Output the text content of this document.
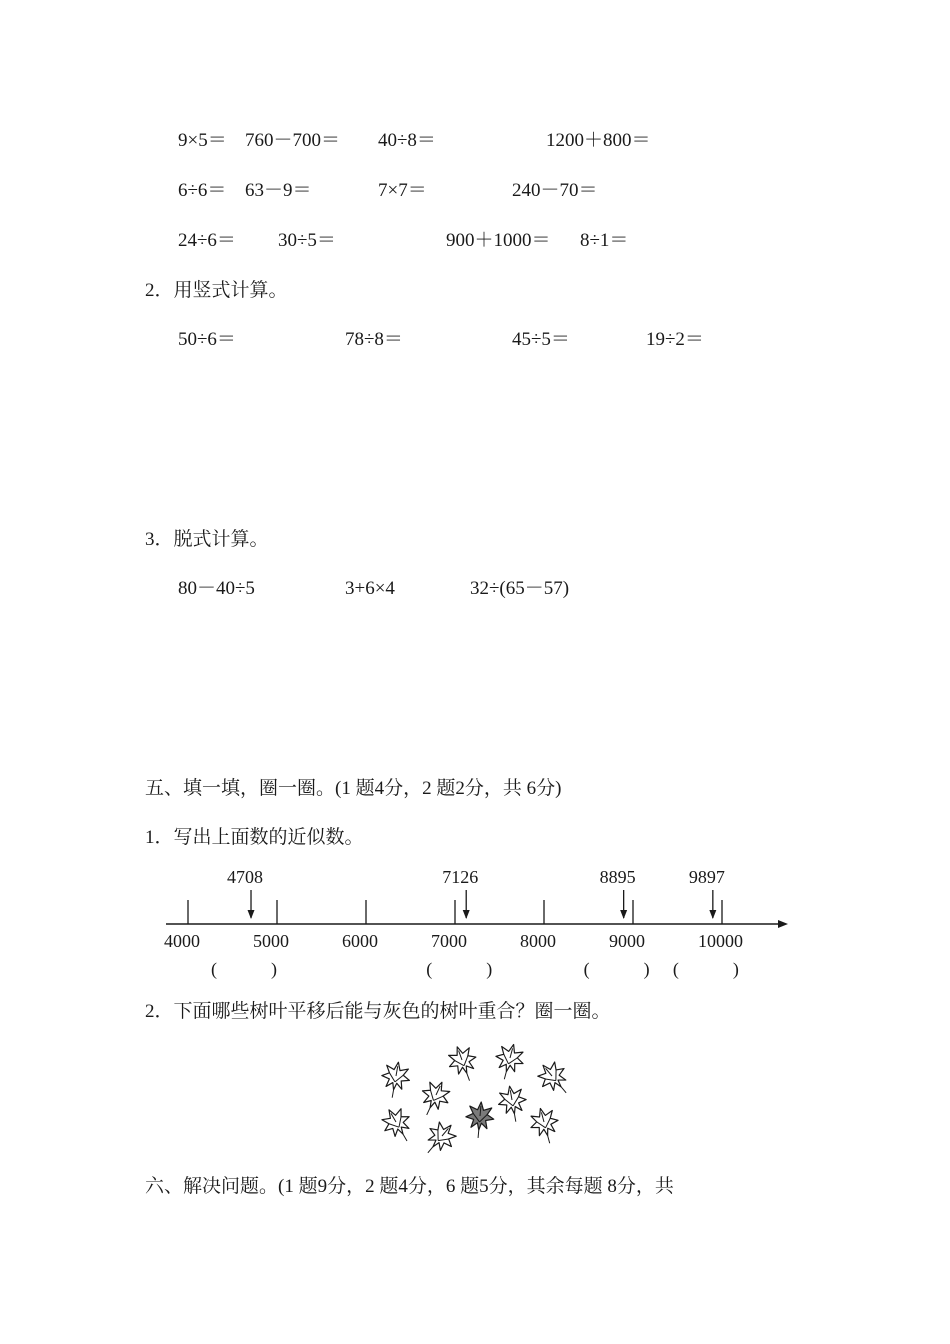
9×5＝ 760－700＝ 40÷8＝	1200＋800＝
6÷6＝ 63－9＝	7×7＝	240－70＝
24÷6＝ 30÷5＝	900＋1000＝ 8÷1＝
2．用竖式计算。
50÷6＝	78÷8＝	45÷5＝	19÷2＝
3．脱式计算。
80－40÷5	3+6×4	32÷(65－57)
五、填一填，圈一圈。(1 题4分，2 题2分，共 6分)
1．写出上面数的近似数。
4000	5000	6000	7000	8000	9000	10000
4708	7126	8895	9897
(　　　)	(　　　)	(　　　) (　　　)
2．下面哪些树叶平移后能与灰色的树叶重合？圈一圈。
六、解决问题。(1 题9分，2 题4分，6 题5分，其余每题 8分，共
